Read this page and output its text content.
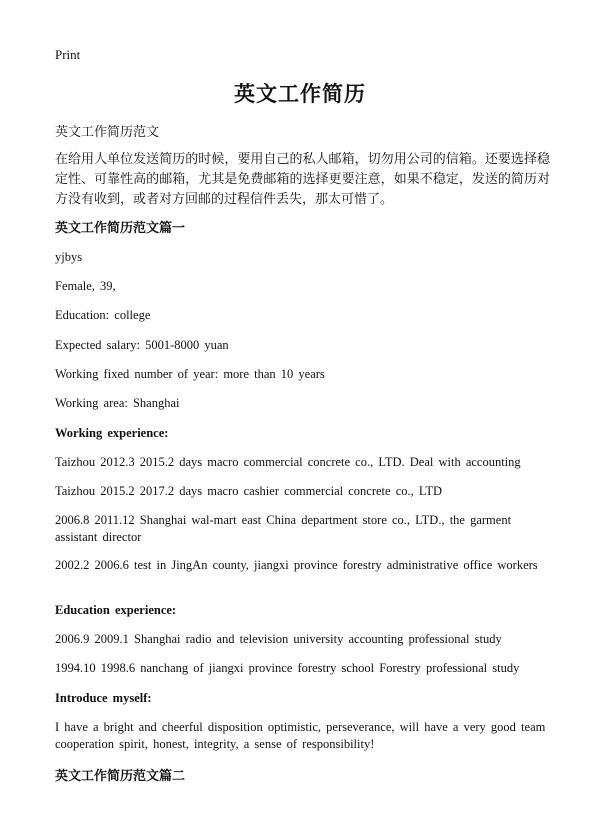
Print
英文工作简历
英文工作简历范文
在给用人单位发送简历的时候，要用自己的私人邮箱，切勿用公司的信箱。还要选择稳定性、可靠性高的邮箱，尤其是免费邮箱的选择更要注意，如果不稳定，发送的简历对方没有收到，或者对方回邮的过程信件丢失，那太可惜了。
英文工作简历范文篇一
yjbys
Female, 39,
Education: college
Expected salary: 5001-8000 yuan
Working fixed number of year: more than 10 years
Working area: Shanghai
Working experience:
Taizhou 2012.3 2015.2 days macro commercial concrete co., LTD. Deal with accounting
Taizhou 2015.2 2017.2 days macro cashier commercial concrete co., LTD
2006.8 2011.12 Shanghai wal-mart east China department store co., LTD., the garment assistant director
2002.2 2006.6 test in JingAn county, jiangxi province forestry administrative office workers
Education experience:
2006.9 2009.1 Shanghai radio and television university accounting professional study
1994.10 1998.6 nanchang of jiangxi province forestry school Forestry professional study
Introduce myself:
I have a bright and cheerful disposition optimistic, perseverance, will have a very good team cooperation spirit, honest, integrity, a sense of responsibility!
英文工作简历范文篇二
